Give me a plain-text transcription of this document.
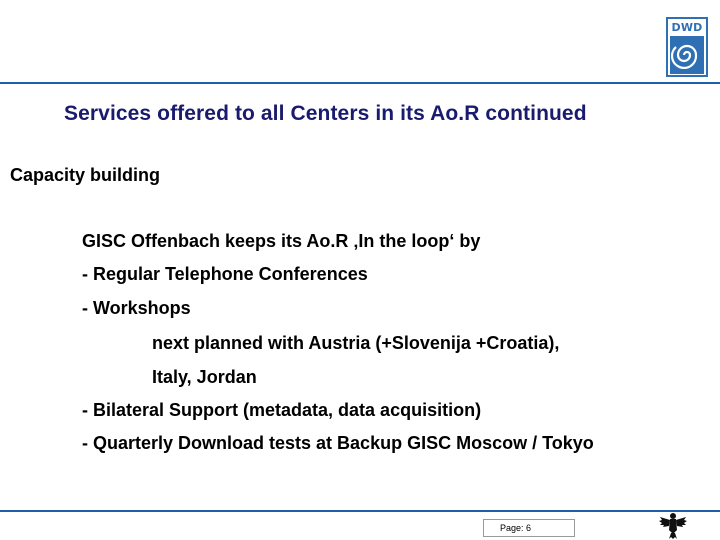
DWD
Services offered to all Centers in its Ao.R continued
Capacity building
GISC Offenbach keeps its Ao.R ‚In the loop‘ by
- Regular Telephone Conferences
- Workshops
next planned with Austria (+Slovenija +Croatia),
Italy, Jordan
- Bilateral Support (metadata, data acquisition)
- Quarterly Download tests at Backup GISC Moscow / Tokyo
Page: 6
